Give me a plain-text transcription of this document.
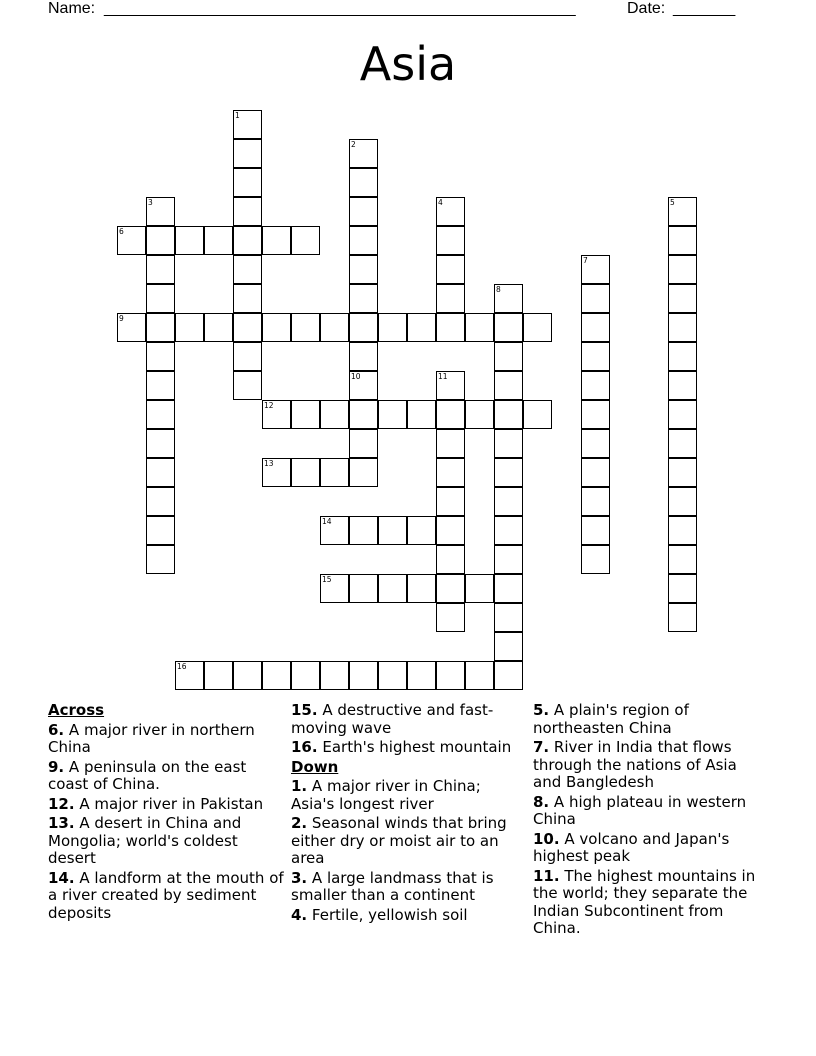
Name: _____________________________________________________	Date: _______
Asia
1
2
10
3	4	5
6
7
8
9
11
12
13
14
15
16
Across
6. A major river in northern China
9. A peninsula on the east coast of China.
12. A major river in Pakistan
13. A desert in China and Mongolia; world's coldest desert
14. A landform at the mouth of a river created by sediment deposits
15. A destructive and fast-moving wave
16. Earth's highest mountain
Down
1. A major river in China; Asia's longest river
2. Seasonal winds that bring either dry or moist air to an area
3. A large landmass that is smaller than a continent
4. Fertile, yellowish soil
5. A plain's region of northeasten China
7. River in India that flows through the nations of Asia and Bangledesh
8. A high plateau in western China
10. A volcano and Japan's highest peak
11. The highest mountains in the world; they separate the Indian Subcontinent from China.
